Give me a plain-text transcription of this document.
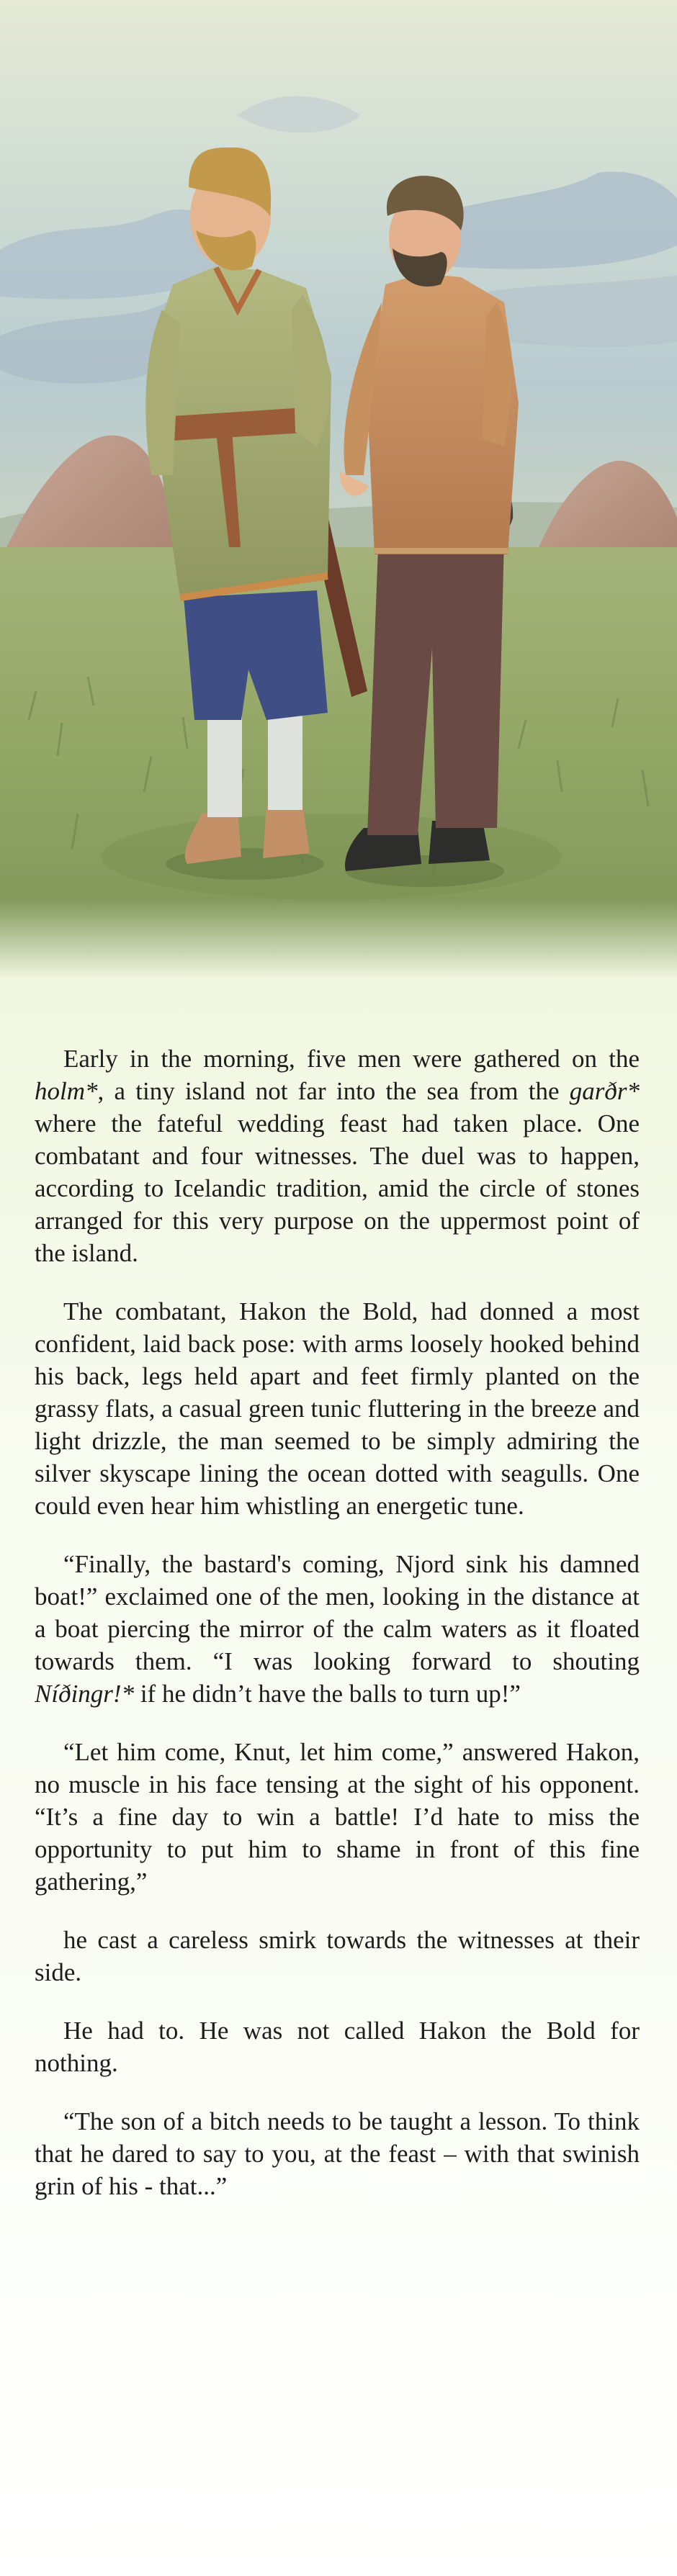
Early in the morning, five men were gathered on the holm*, a tiny island not far into the sea from the garðr* where the fateful wedding feast had taken place. One combatant and four witnesses. The duel was to happen, according to Icelandic tradition, amid the circle of stones arranged for this very purpose on the uppermost point of the island.

The combatant, Hakon the Bold, had donned a most confident, laid back pose: with arms loosely hooked behind his back, legs held apart and feet firmly planted on the grassy flats, a casual green tunic fluttering in the breeze and light drizzle, the man seemed to be simply admiring the silver skyscape lining the ocean dotted with seagulls. One could even hear him whistling an energetic tune.

“Finally, the bastard's coming, Njord sink his damned boat!” exclaimed one of the men, looking in the distance at a boat piercing the mirror of the calm waters as it floated towards them. “I was looking forward to shouting Níðingr!* if he didn’t have the balls to turn up!”

“Let him come, Knut, let him come,” answered Hakon, no muscle in his face tensing at the sight of his opponent. “It’s a fine day to win a battle! I’d hate to miss the opportunity to put him to shame in front of this fine gathering,”

he cast a careless smirk towards the witnesses at their side.

He had to. He was not called Hakon the Bold for nothing.

“The son of a bitch needs to be taught a lesson. To think that he dared to say to you, at the feast – with that swinish grin of his - that...”
